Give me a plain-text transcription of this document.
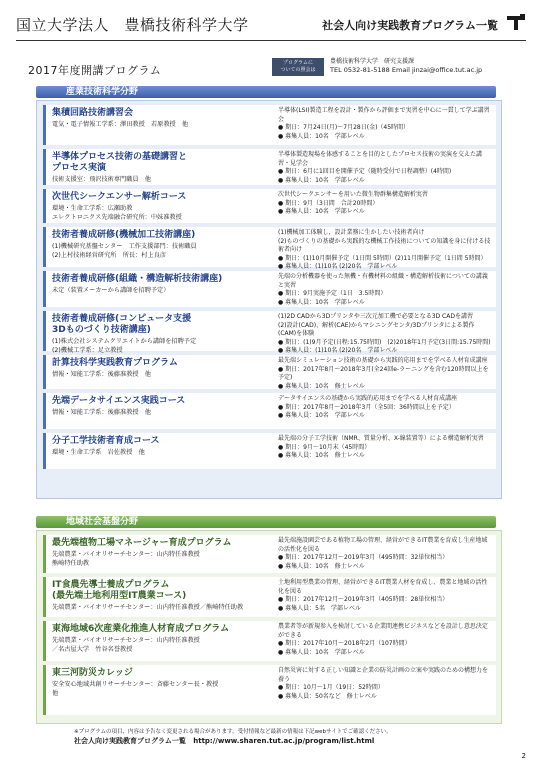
国立大学法人　豊橋技術科学大学	社会人向け実践教育プログラム一覧
2017年度開講プログラム
プログラムに
ついての照会は
豊橋技術科学大学　研究支援課
TEL 0532-81-5188 Email jinzai@office.tut.ac.jp
産業技術科学分野
集積回路技術講習会
電気・電子情報工学系：澤田教授　若原教授　他
半導体(LSI)製造工程を設計・製作から評価まで実習を中心に一貫して学ぶ講習会
● 期日：7月24日(月)〜7月28日(金)（45時間）
● 募集人員：10名　学部レベル
半導体プロセス技術の基礎講習と
プロセス実演
技術支援室：飛沢技術専門職員　他
半導体製造現場を体感することを目的としたプロセス技術の実演を交えた講習・見学会
● 期日：6月に1回目を開催予定（随時受付で日程調整）(4時間)
● 募集人員：10名　学部レベル
次世代シークエンサー解析コース
環境・生命工学系：広瀬助教
エレクトロニクス先端融合研究所：中妹准教授
次世代シークエンサーを用いた微生物群集構造解析実習
● 期日：9月（3日間　合計20時間）
● 募集人員：10名　学部レベル
技術者養成研修(機械加工技術講座)
(1)機械研究基盤センター　工作支援部門：技術職員
(2)上村技術経営研究所　所長：村上良彦
(1)機械加工体験し，設計業務に生かしたい技術者向け
(2)ものづくりの基礎から実践的な機械工作技術についての知識を身に付ける技術者向け
● 期日：(1)10月開催予定（1日間 5時間）(2)11月開催予定（1日間 5時間）
● 募集人員：(1)10名 (2)20名　学部レベル
技術者養成研修(組織・構造解析技術講座)
未定（装置メーカーから講師を招聘予定）
先端の分析機器を使った無機・有機材料の組織・構造解析技術についての講義と実習
● 期日：9月実施予定（1日　3.5時間）
● 募集人員：10名　学部レベル
技術者養成研修(コンピュータ支援
3Dものづくり技術講座)
(1)株式会社システムクリエイトから講師を招聘予定
(2)機械工学系：足立教授
(1)2D CADから3Dプリンタや三次元加工機で必要となる3D CADを講習
(2)設計(CAD)、解析(CAE)からマシニングセンタ/3Dプリンタによる製作(CAM)を体験
● 期日：(1)9月予定(日程:15.75時間)　(2)2018年1月予定(3日間:15.75時間)
● 募集人員：(1)10名 (2)20名　学部レベル
計算技科学実践教育プログラム
情報・知能工学系：後藤准教授　他
最先端シミュレーション技術の基礎から実践的応用までを学べる人材育成講座
● 期日：2017年8月〜2018年3月(全24回e-ラーニングを含む120時間以上を予定)
● 募集人員：10名　修士レベル
先端データサイエンス実践コース
情報・知能工学系：後藤准教授　他
データサイエンスの基礎から実践的応用までを学べる人材育成講座
● 期日：2017年8月〜2018年3月（全5回：36時間以上を予定）
● 募集人員：10名　学部レベル
分子工学技術者育成コース
環境・生命工学系　岩佐教授　他
最先端の分子工学技術（NMR、質量分析、X-線装置等）による構造解析実習
● 期日：9月〜10月末（45時間）
● 募集人員：10名　修士レベル
地域社会基盤分野
最先端植物工場マネージャー育成プログラム
先端農業・バイオリサーチセンター：山内特任准教授
熊崎特任助教
最先端施設園芸である植物工場の管理、経営ができるIT農業を育成し生産地域の活性化を図る
● 期日：2017年12月〜2019年3月（495時間：32単位相当）
● 募集人員：10名　修士レベル
IT食農先導士養成プログラム
(最先端土地利用型IT農業コース)
先端農業・バイオリサーチセンター：山内特任准教授／熊崎特任助教
土地利用型農業の管理、経営ができるIT農業人材を育成し、農業と地域の活性化を図る
● 期日：2017年12月〜2019年3月（405時間：28単位相当）
● 募集人員：5名　学部レベル
東海地域6次産業化推進人材育成プログラム
先端農業・バイオリサーチセンター：山内特任准教授
／名古屋大学　竹谷名誉教授
農業者等が新規参入を検討している企業間連携ビジネスなどを設計し意思決定ができる
● 期日：2017年10月〜2018年2月（107時間）
● 募集人員：10名　学部レベル
東三河防災カレッジ
安全安心地域共創リサーチセンター：斉藤センター長・教授
他
自然災害に対する正しい知識と企業の防災計画の立案や実践のための構想力を養う
● 期日：10月〜1月（19日：52時間）
● 募集人員：50名など　修士レベル
※プログラムの項目、内容は予告なく変更される場合があります。受付情報など最新の情報は下記webサイトでご確認ください。
社会人向け実践教育プログラム一覧 http://www.sharen.tut.ac.jp/program/list.html
2
